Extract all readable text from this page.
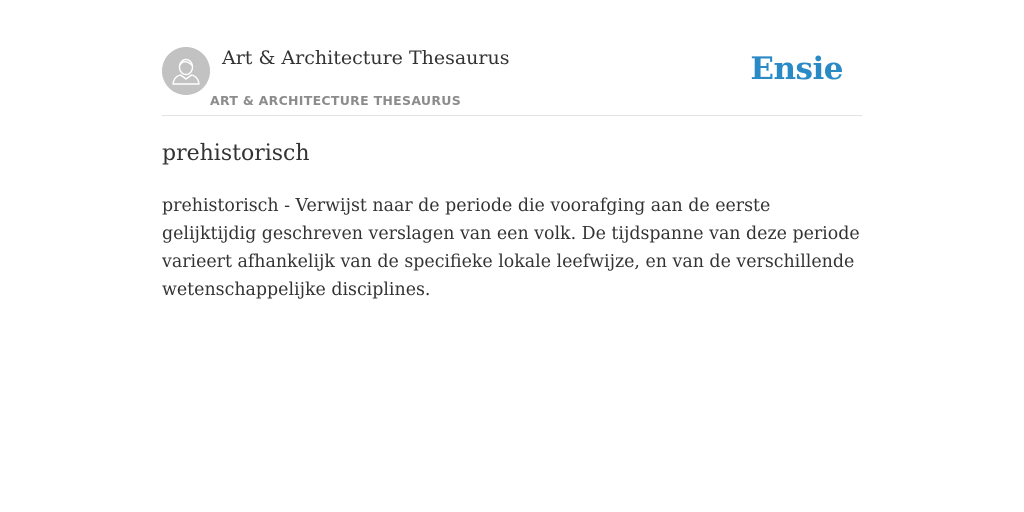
Art & Architecture Thesaurus
ART & ARCHITECTURE THESAURUS
Ensie
prehistorisch

prehistorisch - Verwijst naar de periode die voorafging aan de eerste gelijktijdig geschreven verslagen van een volk. De tijdspanne van deze periode varieert afhankelijk van de specifieke lokale leefwijze, en van de verschillende wetenschappelijke disciplines.
